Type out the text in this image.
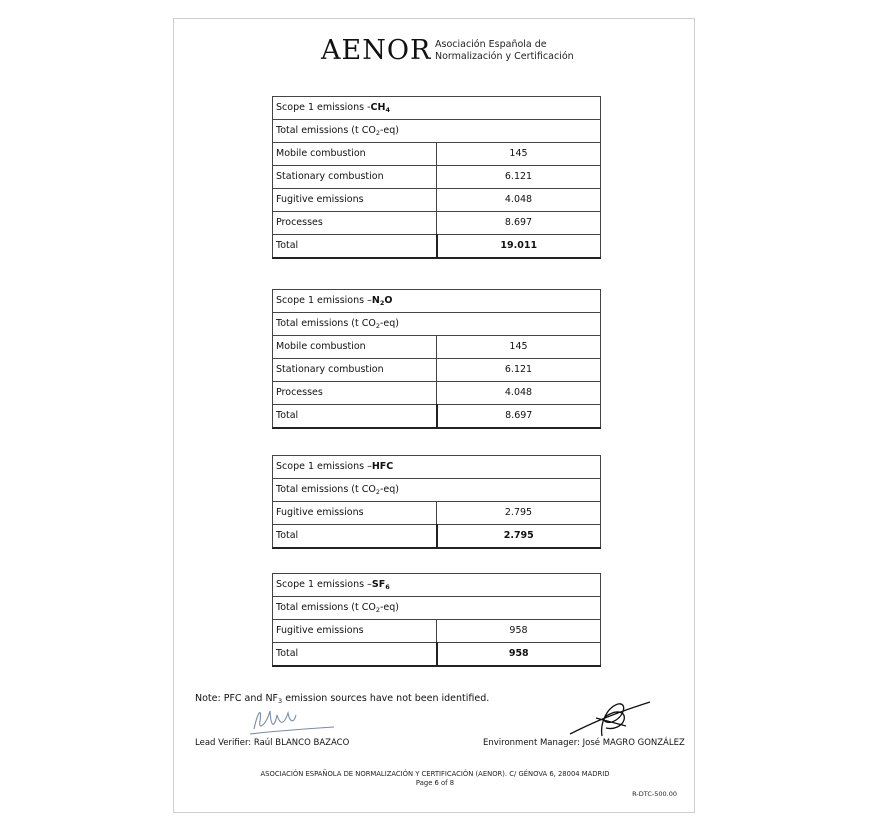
AENOR Asociación Española de
Normalización y Certificación
Scope 1 emissions $-CH_4$
Total emissions (t $CO_2-eq$)	
Mobile combustion	145
Stationary combustion	6.121
Fugitive emissions	4.048
Processes	8.697
Total	19.011
Scope 1 emissions $-N_2O$	
Total emissions (t $CO_2-eq$)	
Mobile combustion	145
Stationary combustion	6.121
Processes	4.048
Total	8.697
Scope 1 emissions –HFC	
Total emissions (t $CO_2-eq$)	
Fugitive emissions	2.795
Total	2.795
Scope 1 emissions $-SF_6$
Total emissions (t $CO_2-eq$)	
Fugitive emissions	958
Total	958
Note: PFC and $NF_3$ emission sources have not been identified.
Lead Verifier: Raúl BLANCO BAZACO	Environment Manager: José MAGRO GONZÁLEZ
ASOCIACIÓN ESPAÑOLA DE NORMALIZACIÓN Y CERTIFICACIÓN (AENOR). C/ GÉNOVA 6, 28004 MADRID
Page 6 of 8
R-DTC-500.00
